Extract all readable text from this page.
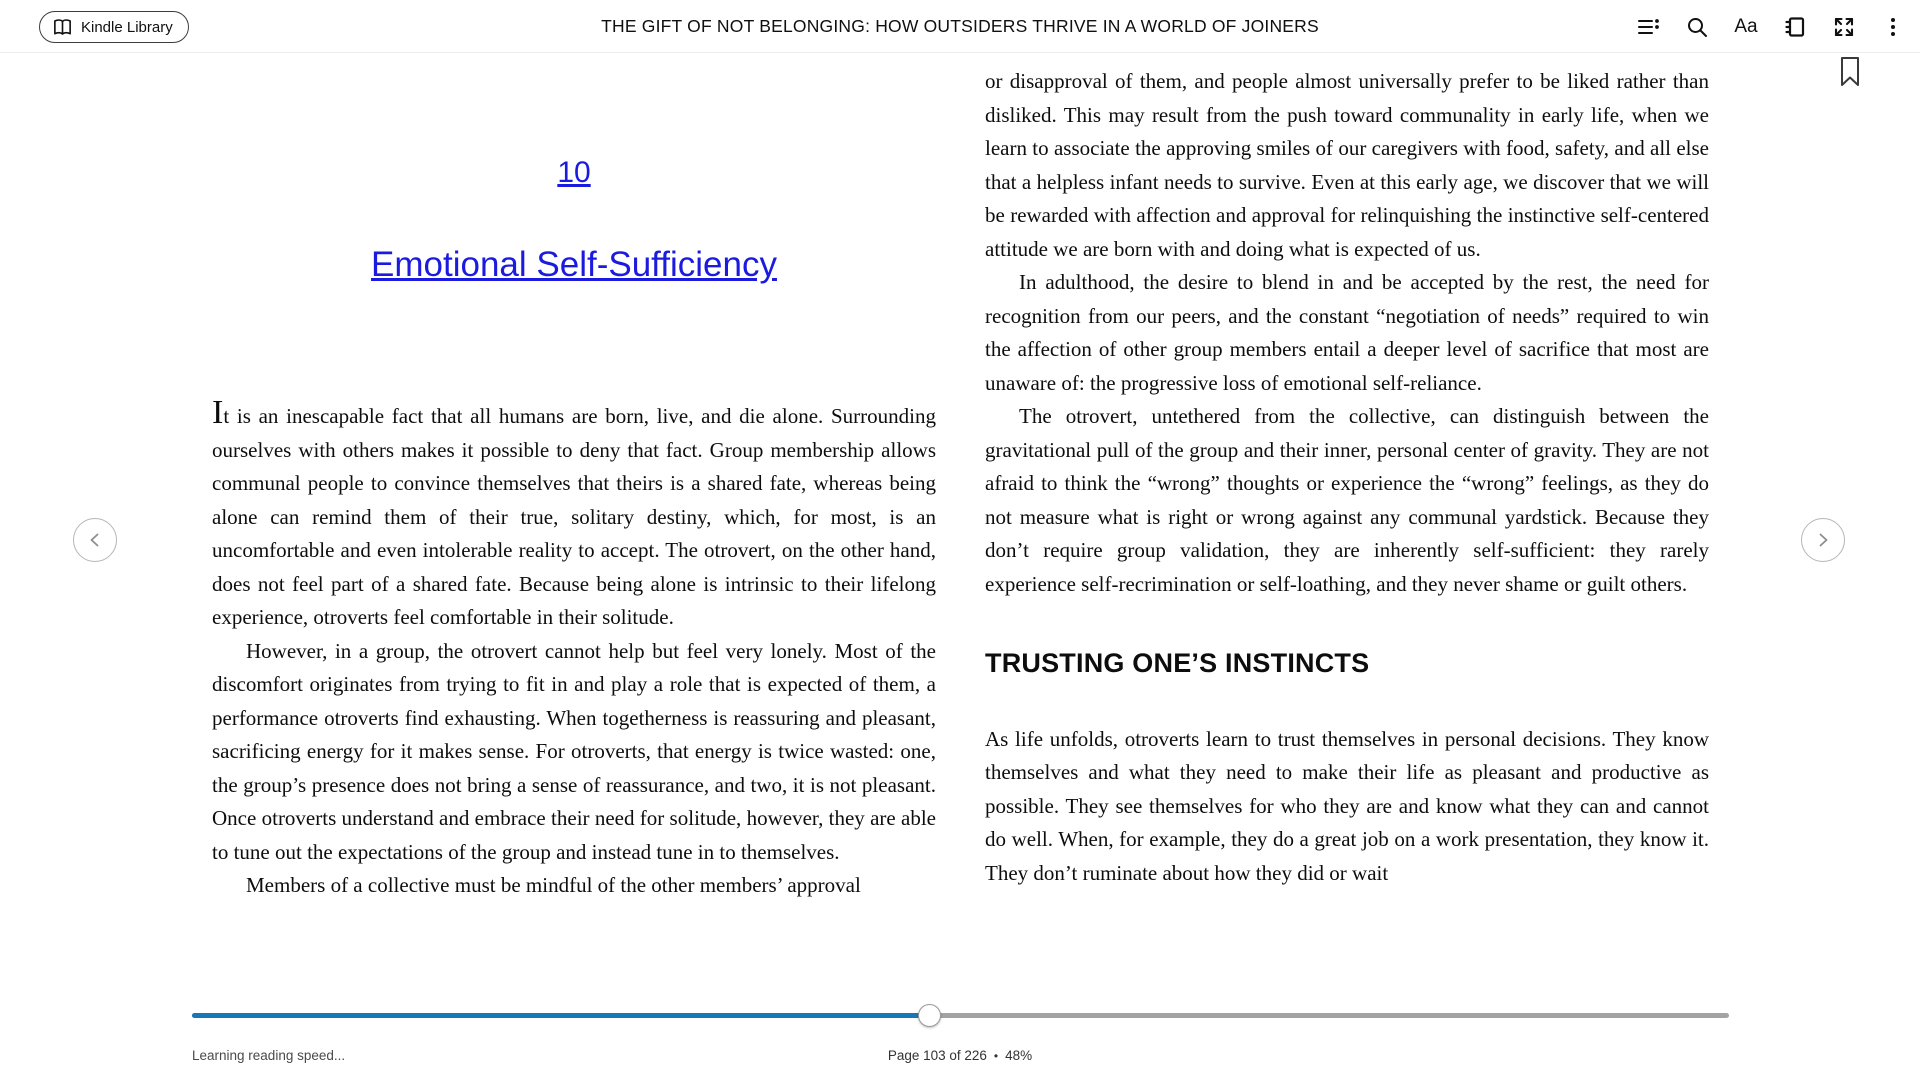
THE GIFT OF NOT BELONGING: HOW OUTSIDERS THRIVE IN A WORLD OF JOINERS
Kindle Library	Aa
10
Emotional Self-Sufficiency

It is an inescapable fact that all humans are born, live, and die alone. Surrounding ourselves with others makes it possible to deny that fact. Group membership allows communal people to convince themselves that theirs is a shared fate, whereas being alone can remind them of their true, solitary destiny, which, for most, is an uncomfortable and even intolerable reality to accept. The otrovert, on the other hand, does not feel part of a shared fate. Because being alone is intrinsic to their lifelong experience, otroverts feel comfortable in their solitude.

However, in a group, the otrovert cannot help but feel very lonely. Most of the discomfort originates from trying to fit in and play a role that is expected of them, a performance otroverts find exhausting. When togetherness is reassuring and pleasant, sacrificing energy for it makes sense. For otroverts, that energy is twice wasted: one, the group’s presence does not bring a sense of reassurance, and two, it is not pleasant. Once otroverts understand and embrace their need for solitude, however, they are able to tune out the expectations of the group and instead tune in to themselves.

Members of a collective must be mindful of the other members’ approval

or disapproval of them, and people almost universally prefer to be liked rather than disliked. This may result from the push toward communality in early life, when we learn to associate the approving smiles of our caregivers with food, safety, and all else that a helpless infant needs to survive. Even at this early age, we discover that we will be rewarded with affection and approval for relinquishing the instinctive self-centered attitude we are born with and doing what is expected of us.

In adulthood, the desire to blend in and be accepted by the rest, the need for recognition from our peers, and the constant “negotiation of needs” required to win the affection of other group members entail a deeper level of sacrifice that most are unaware of: the progressive loss of emotional self-reliance.

The otrovert, untethered from the collective, can distinguish between the gravitational pull of the group and their inner, personal center of gravity. They are not afraid to think the “wrong” thoughts or experience the “wrong” feelings, as they do not measure what is right or wrong against any communal yardstick. Because they don’t require group validation, they are inherently self-sufficient: they rarely experience self-recrimination or self-loathing, and they never shame or guilt others.

TRUSTING ONE’S INSTINCTS

As life unfolds, otroverts learn to trust themselves in personal decisions. They know themselves and what they need to make their life as pleasant and productive as possible. They see themselves for who they are and know what they can and cannot do well. When, for example, they do a great job on a work presentation, they know it. They don’t ruminate about how they did or wait

Learning reading speed...	Page 103 of 226 • 48%
